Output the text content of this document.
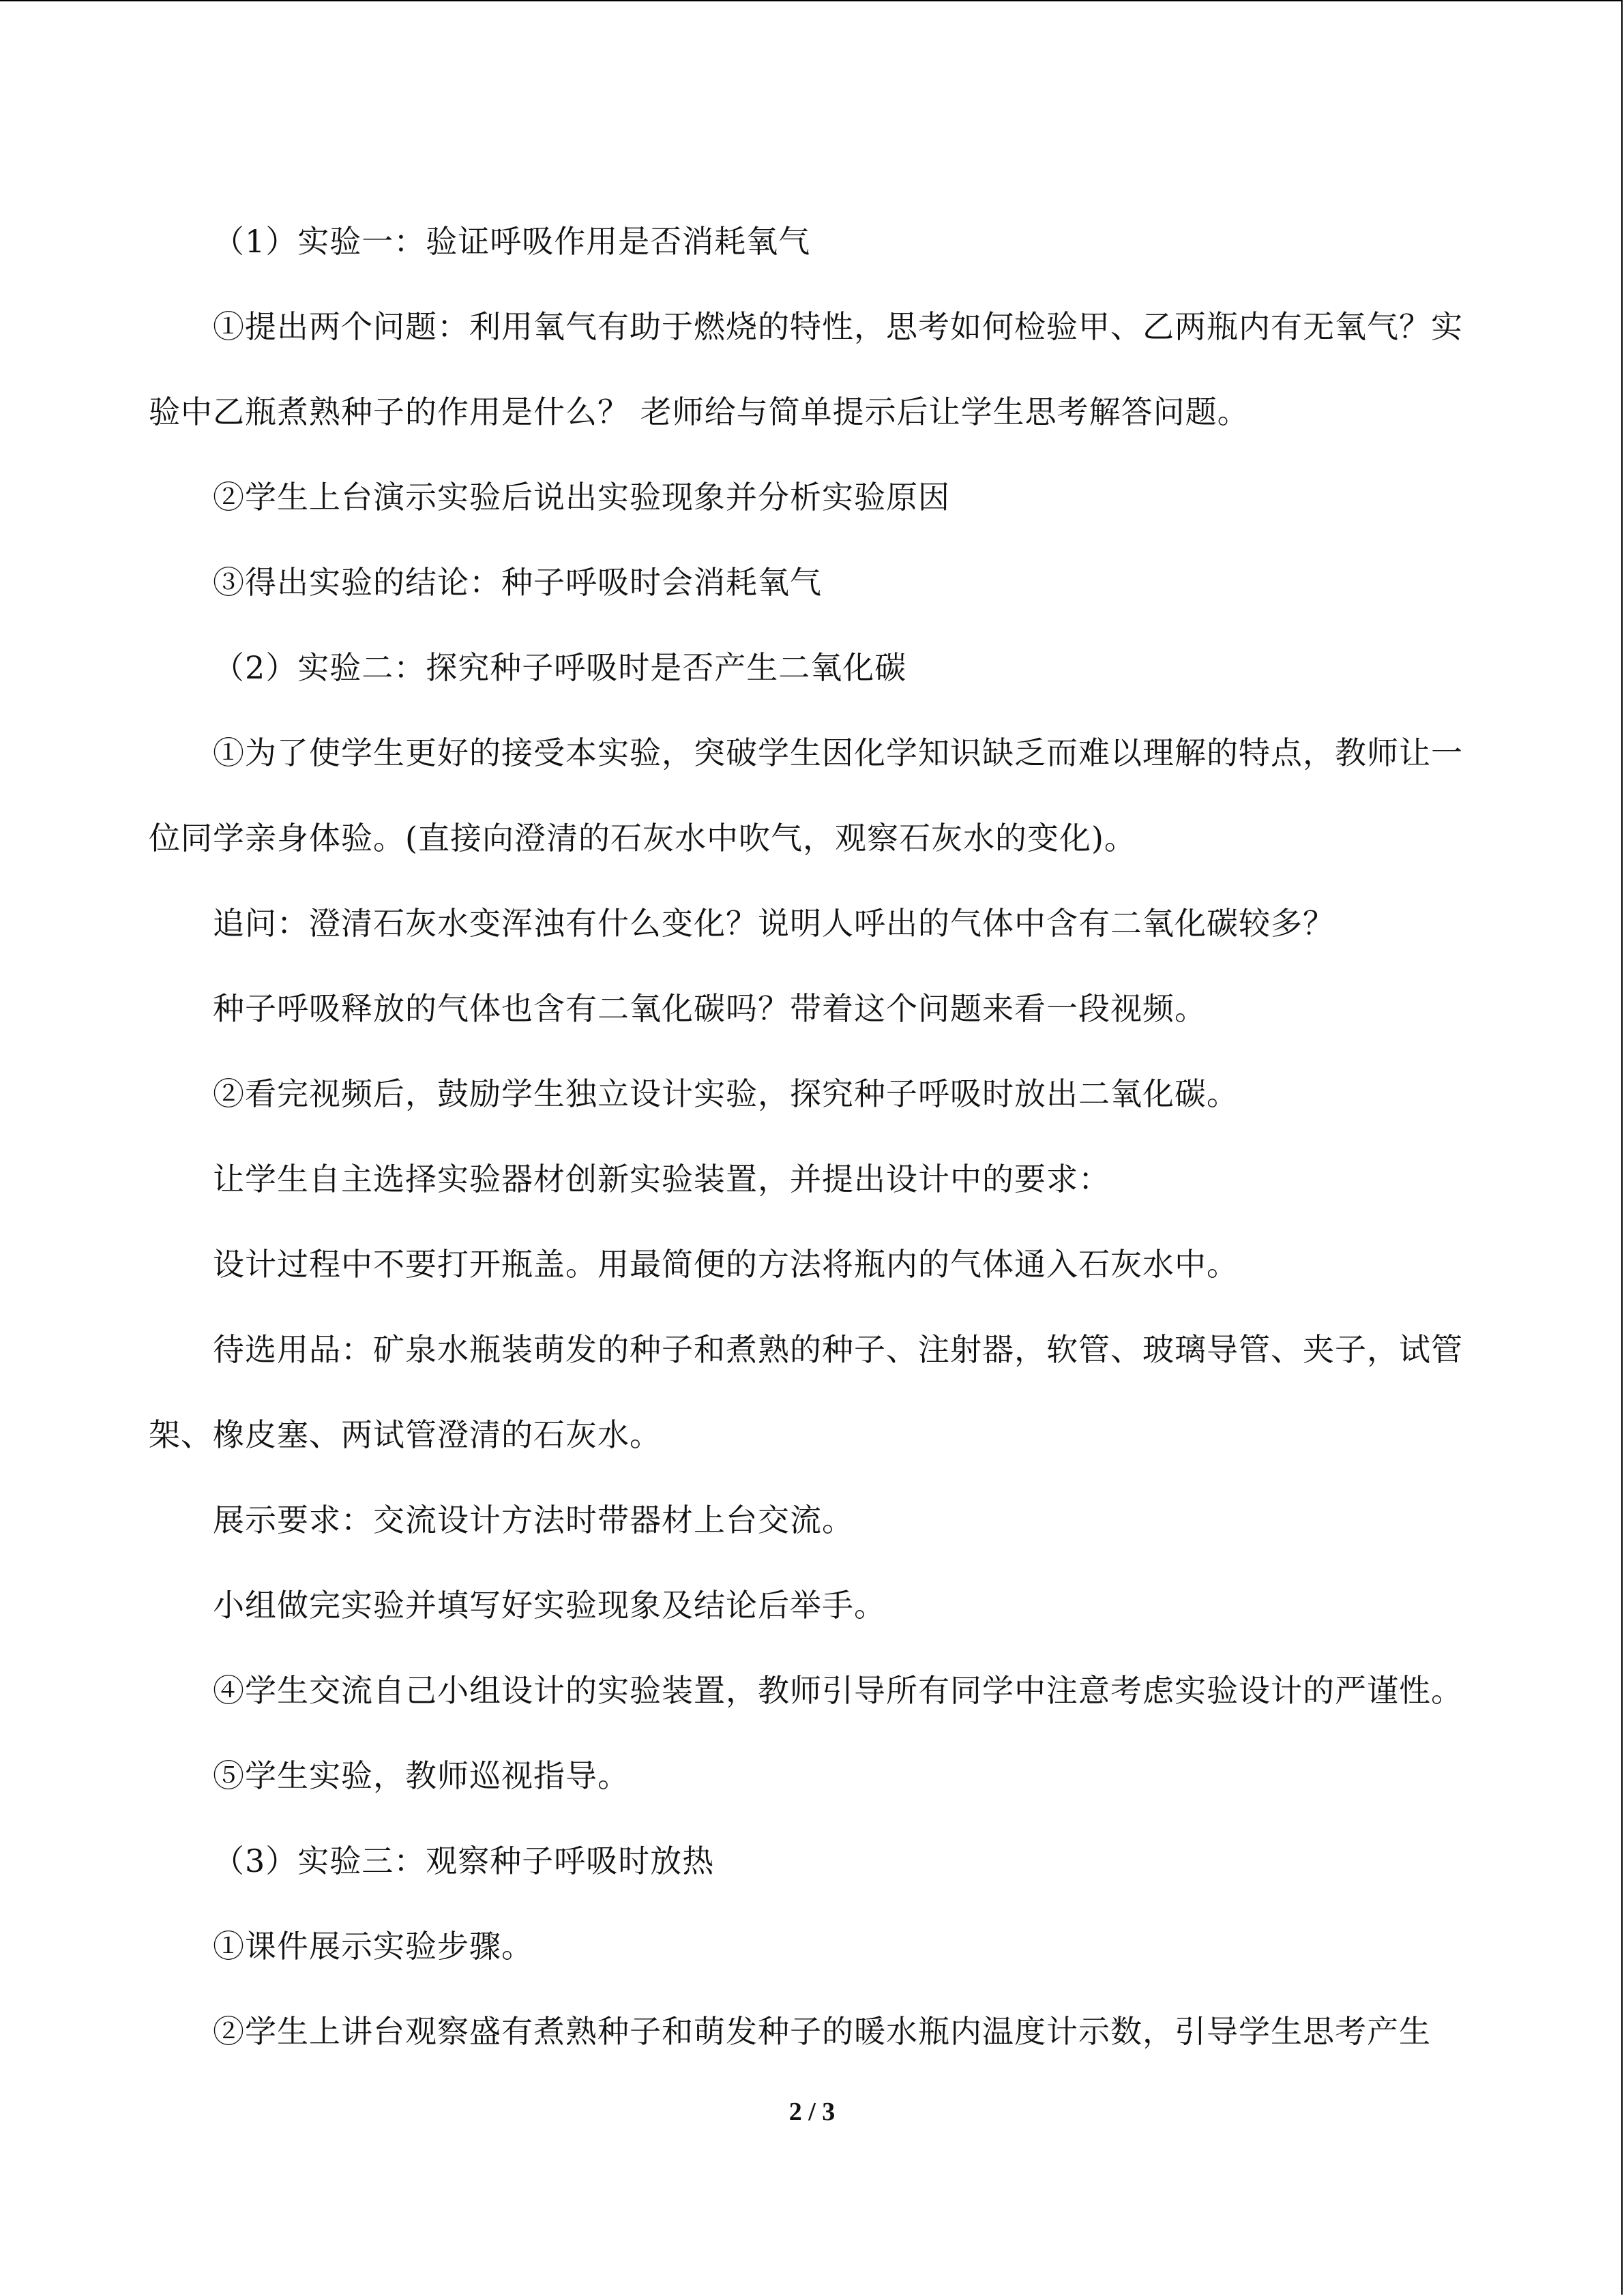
（1）实验一：验证呼吸作用是否消耗氧气

①提出两个问题：利用氧气有助于燃烧的特性，思考如何检验甲、乙两瓶内有无氧气？实验中乙瓶煮熟种子的作用是什么？ 老师给与简单提示后让学生思考解答问题。

②学生上台演示实验后说出实验现象并分析实验原因

③得出实验的结论：种子呼吸时会消耗氧气

（2）实验二：探究种子呼吸时是否产生二氧化碳

①为了使学生更好的接受本实验，突破学生因化学知识缺乏而难以理解的特点，教师让一位同学亲身体验。(直接向澄清的石灰水中吹气，观察石灰水的变化)。

追问：澄清石灰水变浑浊有什么变化？说明人呼出的气体中含有二氧化碳较多？

种子呼吸释放的气体也含有二氧化碳吗？带着这个问题来看一段视频。

②看完视频后，鼓励学生独立设计实验，探究种子呼吸时放出二氧化碳。

让学生自主选择实验器材创新实验装置，并提出设计中的要求：

设计过程中不要打开瓶盖。用最简便的方法将瓶内的气体通入石灰水中。

待选用品：矿泉水瓶装萌发的种子和煮熟的种子、注射器，软管、玻璃导管、夹子，试管架、橡皮塞、两试管澄清的石灰水。

展示要求：交流设计方法时带器材上台交流。

小组做完实验并填写好实验现象及结论后举手。

④学生交流自己小组设计的实验装置，教师引导所有同学中注意考虑实验设计的严谨性。

⑤学生实验，教师巡视指导。

（3）实验三：观察种子呼吸时放热

①课件展示实验步骤。

②学生上讲台观察盛有煮熟种子和萌发种子的暖水瓶内温度计示数，引导学生思考产生

2 / 3
